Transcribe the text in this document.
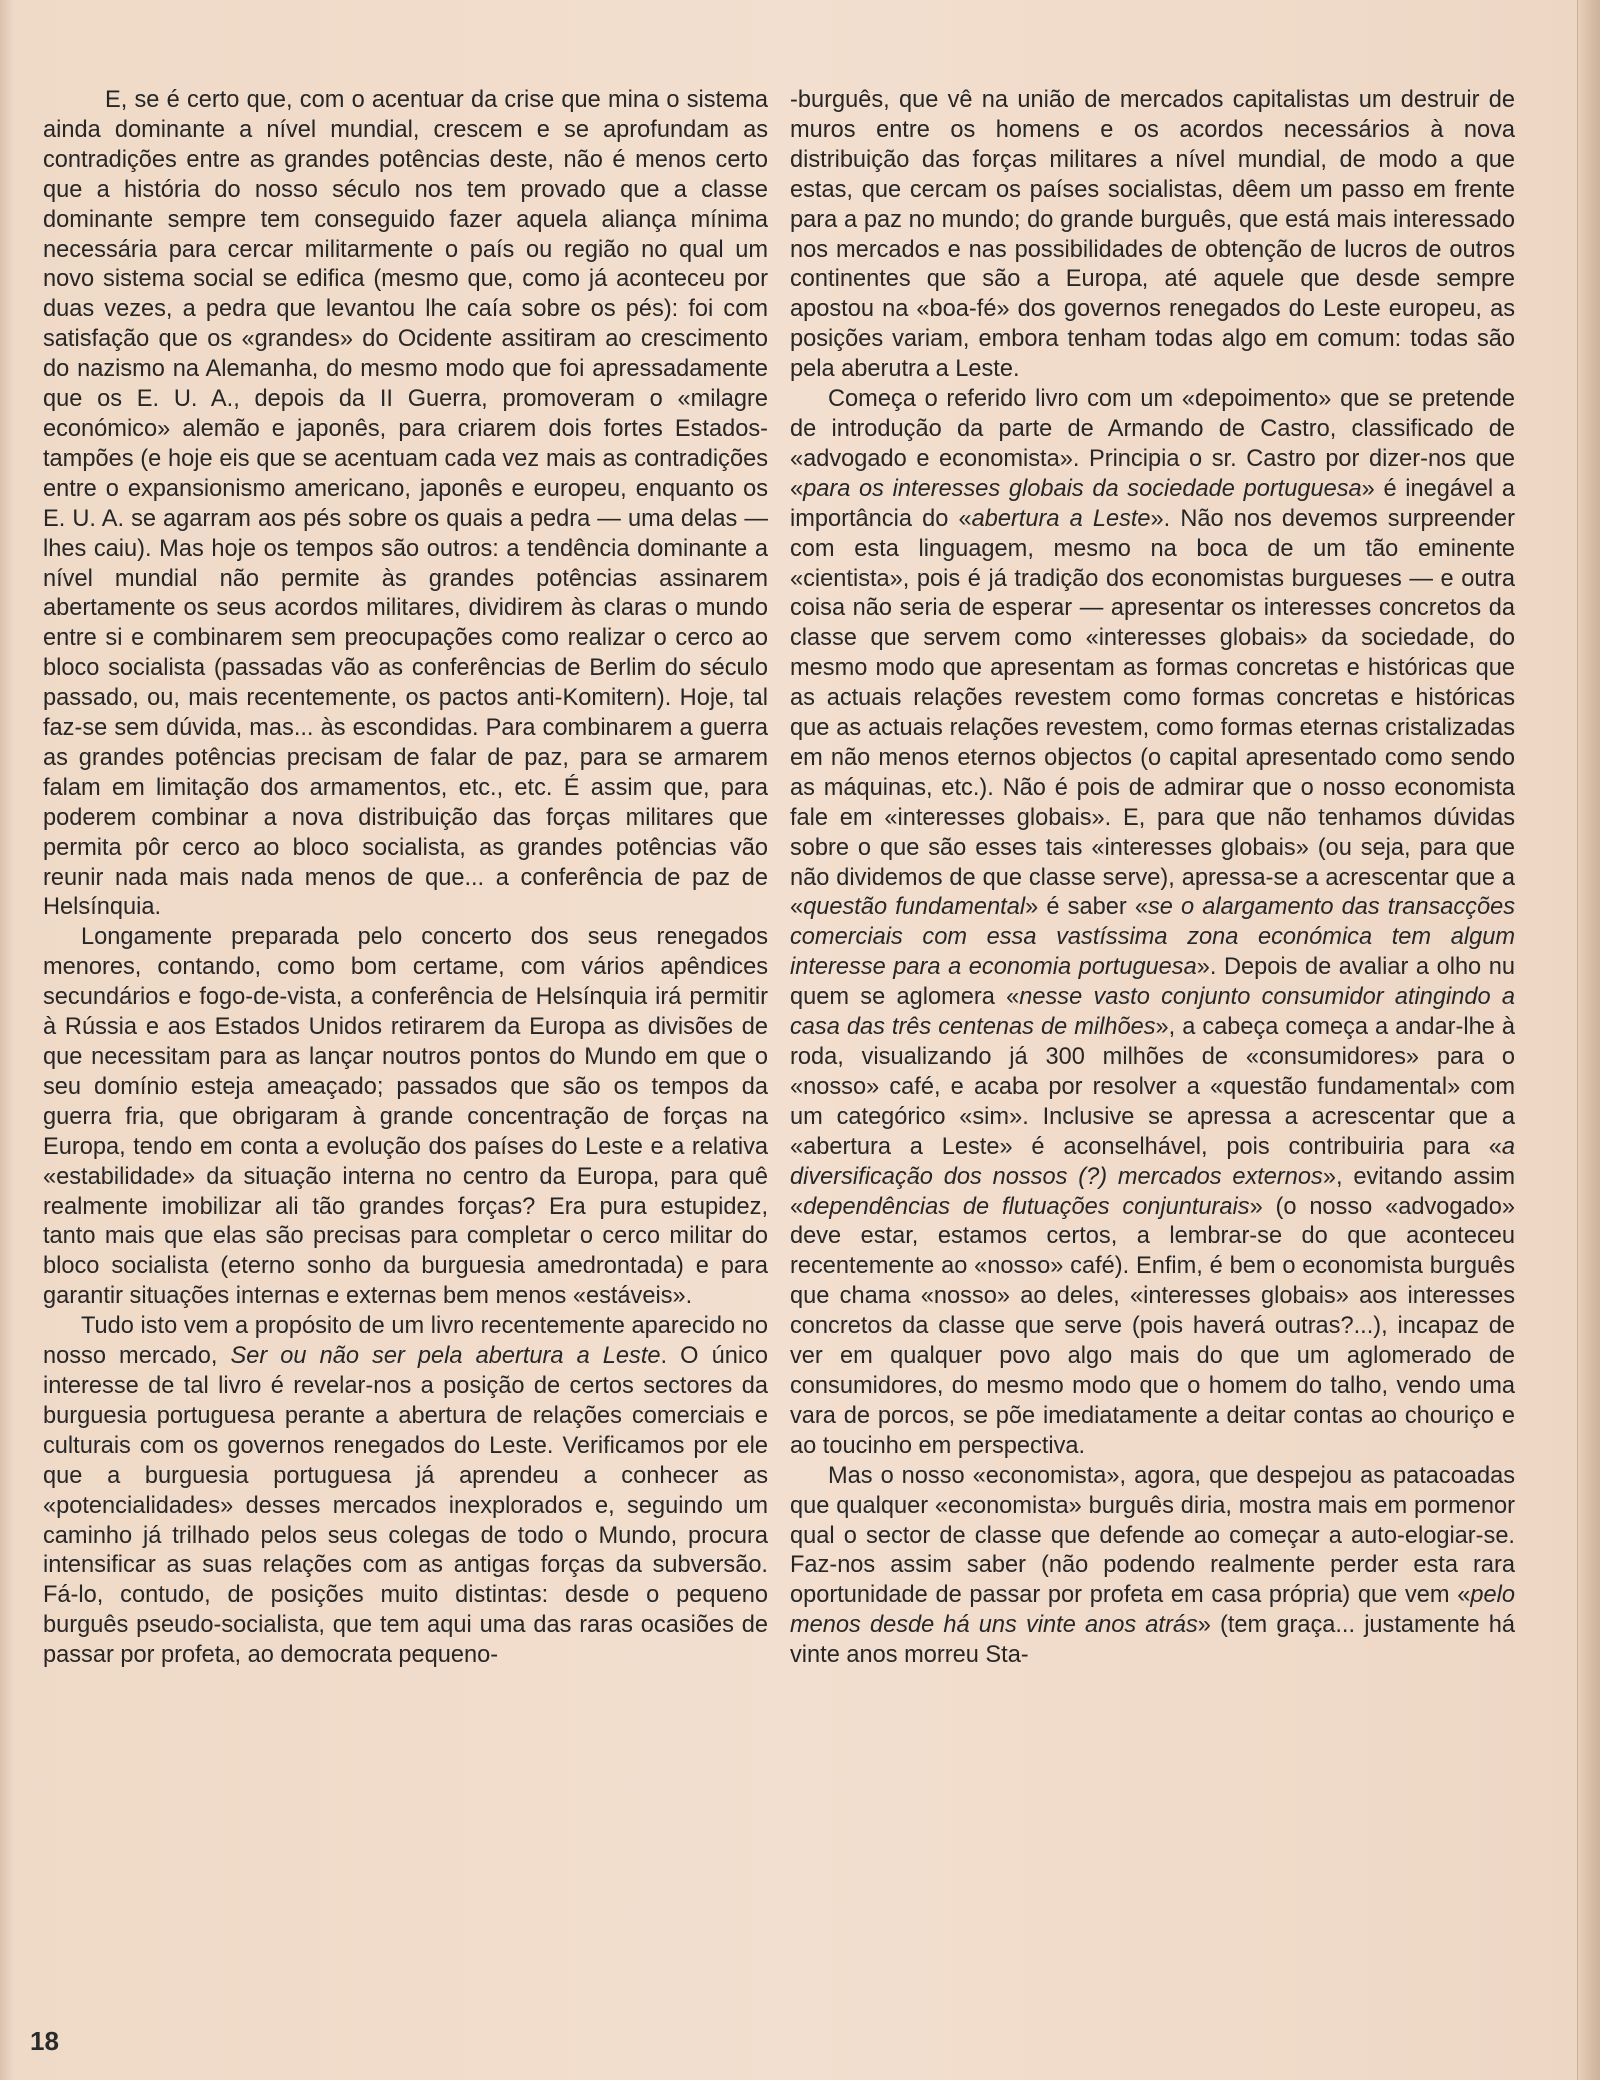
E, se é certo que, com o acentuar da crise que mina o sistema ainda dominante a nível mundial, crescem e se aprofundam as contradições entre as grandes potências deste, não é menos certo que a história do nosso século nos tem provado que a classe dominante sempre tem conseguido fazer aquela aliança mínima necessária para cercar militarmente o país ou região no qual um novo sistema social se edifica (mesmo que, como já aconteceu por duas vezes, a pedra que levantou lhe caía sobre os pés): foi com satisfação que os «grandes» do Ocidente assitiram ao crescimento do nazismo na Alemanha, do mesmo modo que foi apressadamente que os E. U. A., depois da II Guerra, promoveram o «milagre económico» alemão e japonês, para criarem dois fortes Estados-tampões (e hoje eis que se acentuam cada vez mais as contradições entre o expansionismo americano, japonês e europeu, enquanto os E. U. A. se agarram aos pés sobre os quais a pedra — uma delas — lhes caiu). Mas hoje os tempos são outros: a tendência dominante a nível mundial não permite às grandes potências assinarem abertamente os seus acordos militares, dividirem às claras o mundo entre si e combinarem sem preocupações como realizar o cerco ao bloco socialista (passadas vão as conferências de Berlim do século passado, ou, mais recentemente, os pactos anti-Komitern). Hoje, tal faz-se sem dúvida, mas... às escondidas. Para combinarem a guerra as grandes potências precisam de falar de paz, para se armarem falam em limitação dos armamentos, etc., etc. É assim que, para poderem combinar a nova distribuição das forças militares que permita pôr cerco ao bloco socialista, as grandes potências vão reunir nada mais nada menos de que... a conferência de paz de Helsínquia.

Longamente preparada pelo concerto dos seus renegados menores, contando, como bom certame, com vários apêndices secundários e fogo-de-vista, a conferência de Helsínquia irá permitir à Rússia e aos Estados Unidos retirarem da Europa as divisões de que necessitam para as lançar noutros pontos do Mundo em que o seu domínio esteja ameaçado; passados que são os tempos da guerra fria, que obrigaram à grande concentração de forças na Europa, tendo em conta a evolução dos países do Leste e a relativa «estabilidade» da situação interna no centro da Europa, para quê realmente imobilizar ali tão grandes forças? Era pura estupidez, tanto mais que elas são precisas para completar o cerco militar do bloco socialista (eterno sonho da burguesia amedrontada) e para garantir situações internas e externas bem menos «estáveis».

Tudo isto vem a propósito de um livro recentemente aparecido no nosso mercado, Ser ou não ser pela abertura a Leste. O único interesse de tal livro é revelar-nos a posição de certos sectores da burguesia portuguesa perante a abertura de relações comerciais e culturais com os governos renegados do Leste. Verificamos por ele que a burguesia portuguesa já aprendeu a conhecer as «potencialidades» desses mercados inexplorados e, seguindo um caminho já trilhado pelos seus colegas de todo o Mundo, procura intensificar as suas relações com as antigas forças da subversão. Fá-lo, contudo, de posições muito distintas: desde o pequeno burguês pseudo-socialista, que tem aqui uma das raras ocasiões de passar por profeta, ao democrata pequeno-

-burguês, que vê na união de mercados capitalistas um destruir de muros entre os homens e os acordos necessários à nova distribuição das forças militares a nível mundial, de modo a que estas, que cercam os países socialistas, dêem um passo em frente para a paz no mundo; do grande burguês, que está mais interessado nos mercados e nas possibilidades de obtenção de lucros de outros continentes que são a Europa, até aquele que desde sempre apostou na «boa-fé» dos governos renegados do Leste europeu, as posições variam, embora tenham todas algo em comum: todas são pela aberutra a Leste.

Começa o referido livro com um «depoimento» que se pretende de introdução da parte de Armando de Castro, classificado de «advogado e economista». Principia o sr. Castro por dizer-nos que «para os interesses globais da sociedade portuguesa» é inegável a importância do «abertura a Leste». Não nos devemos surpreender com esta linguagem, mesmo na boca de um tão eminente «cientista», pois é já tradição dos economistas burgueses — e outra coisa não seria de esperar — apresentar os interesses concretos da classe que servem como «interesses globais» da sociedade, do mesmo modo que apresentam as formas concretas e históricas que as actuais relações revestem como formas concretas e históricas que as actuais relações revestem, como formas eternas cristalizadas em não menos eternos objectos (o capital apresentado como sendo as máquinas, etc.). Não é pois de admirar que o nosso economista fale em «interesses globais». E, para que não tenhamos dúvidas sobre o que são esses tais «interesses globais» (ou seja, para que não dividemos de que classe serve), apressa-se a acrescentar que a «questão fundamental» é saber «se o alargamento das transacções comerciais com essa vastíssima zona económica tem algum interesse para a economia portuguesa». Depois de avaliar a olho nu quem se aglomera «nesse vasto conjunto consumidor atingindo a casa das três centenas de milhões», a cabeça começa a andar-lhe à roda, visualizando já 300 milhões de «consumidores» para o «nosso» café, e acaba por resolver a «questão fundamental» com um categórico «sim». Inclusive se apressa a acrescentar que a «abertura a Leste» é aconselhável, pois contribuiria para «a diversificação dos nossos (?) mercados externos», evitando assim «dependências de flutuações conjunturais» (o nosso «advogado» deve estar, estamos certos, a lembrar-se do que aconteceu recentemente ao «nosso» café). Enfim, é bem o economista burguês que chama «nosso» ao deles, «interesses globais» aos interesses concretos da classe que serve (pois haverá outras?...), incapaz de ver em qualquer povo algo mais do que um aglomerado de consumidores, do mesmo modo que o homem do talho, vendo uma vara de porcos, se põe imediatamente a deitar contas ao chouriço e ao toucinho em perspectiva.

Mas o nosso «economista», agora, que despejou as patacoadas que qualquer «economista» burguês diria, mostra mais em pormenor qual o sector de classe que defende ao começar a auto-elogiar-se. Faz-nos assim saber (não podendo realmente perder esta rara oportunidade de passar por profeta em casa própria) que vem «pelo menos desde há uns vinte anos atrás» (tem graça... justamente há vinte anos morreu Sta-

18
